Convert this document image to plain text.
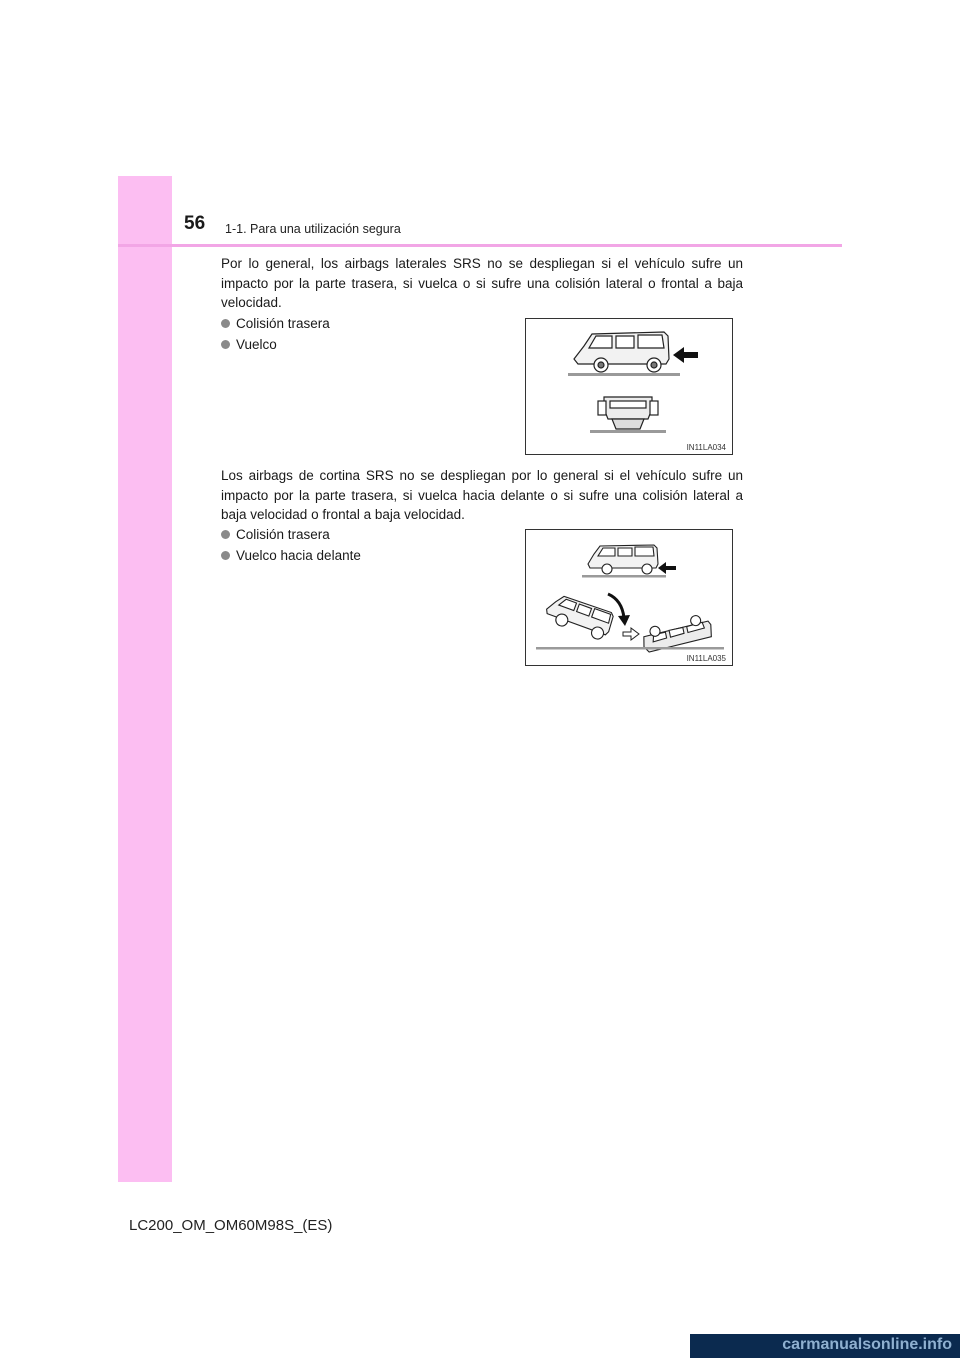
56 1-1. Para una utilización segura

Por lo general, los airbags laterales SRS no se despliegan si el vehículo sufre un impacto por la parte trasera, si vuelca o si sufre una colisión lateral o frontal a baja velocidad.

Colisión trasera
Vuelco
IN11LA034

Los airbags de cortina SRS no se despliegan por lo general si el vehículo sufre un impacto por la parte trasera, si vuelca hacia delante o si sufre una colisión lateral a baja velocidad o frontal a baja velocidad.

Colisión trasera
Vuelco hacia delante
IN11LA035
LC200_OM_OM60M98S_(ES)
carmanualsonline.info
